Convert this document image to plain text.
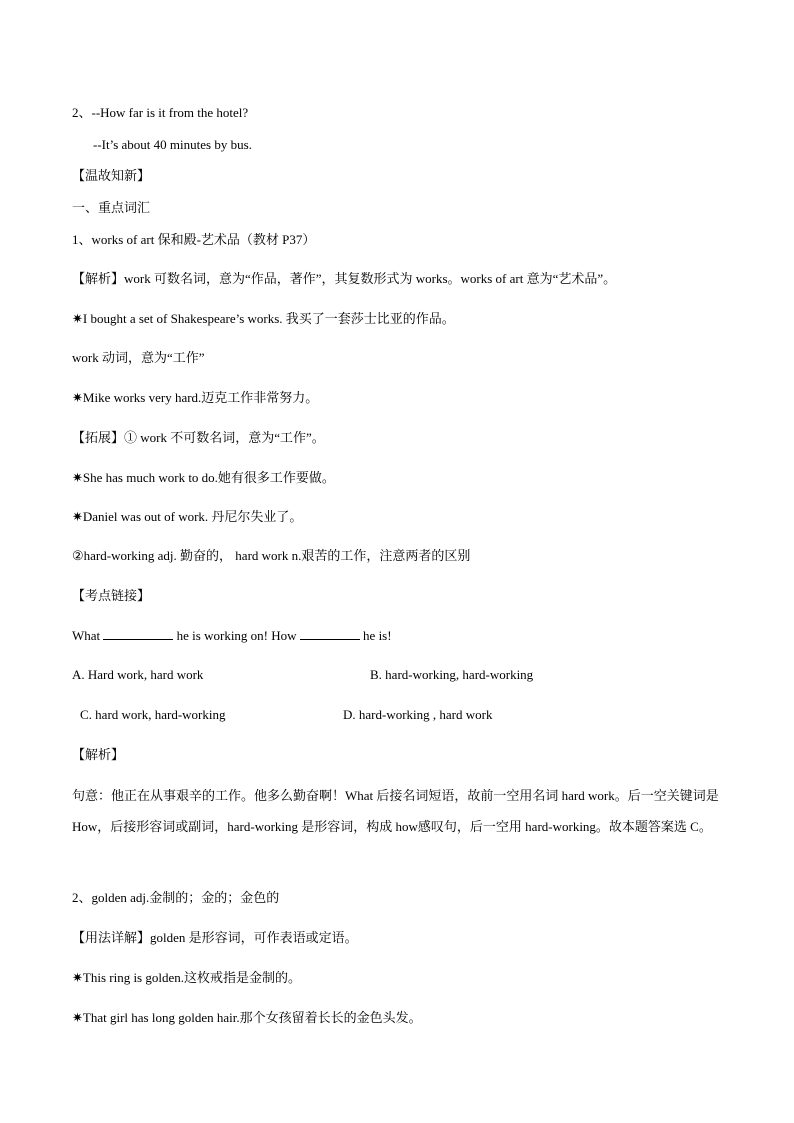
2、--How far is it from the hotel?
--It’s about 40 minutes by bus.
【温故知新】
一、重点词汇
1、works of art 保和殿-艺术品（教材 P37）
【解析】work 可数名词，意为“作品，著作”，其复数形式为 works。works of art 意为“艺术品”。
✷I bought a set of Shakespeare’s works. 我买了一套莎士比亚的作品。
work 动词，意为“工作”
✷Mike works very hard.迈克工作非常努力。
【拓展】① work 不可数名词，意为“工作”。
✷She has much work to do.她有很多工作要做。
✷Daniel was out of work. 丹尼尔失业了。
②hard-working adj. 勤奋的， hard work n.艰苦的工作，注意两者的区别
【考点链接】
What	he is working on! How	he is!
A. Hard work, hard work	B. hard-working, hard-working
C. hard work, hard-working	D. hard-working , hard work
【解析】
句意：他正在从事艰辛的工作。他多么勤奋啊！What 后接名词短语，故前一空用名词 hard work。后一空关键词是 How，后接形容词或副词，hard-working 是形容词，构成 how感叹句，后一空用 hard-working。故本题答案选 C。
2、golden adj.金制的；金的；金色的
【用法详解】golden 是形容词，可作表语或定语。
✷This ring is golden.这枚戒指是金制的。
✷That girl has long golden hair.那个女孩留着长长的金色头发。
